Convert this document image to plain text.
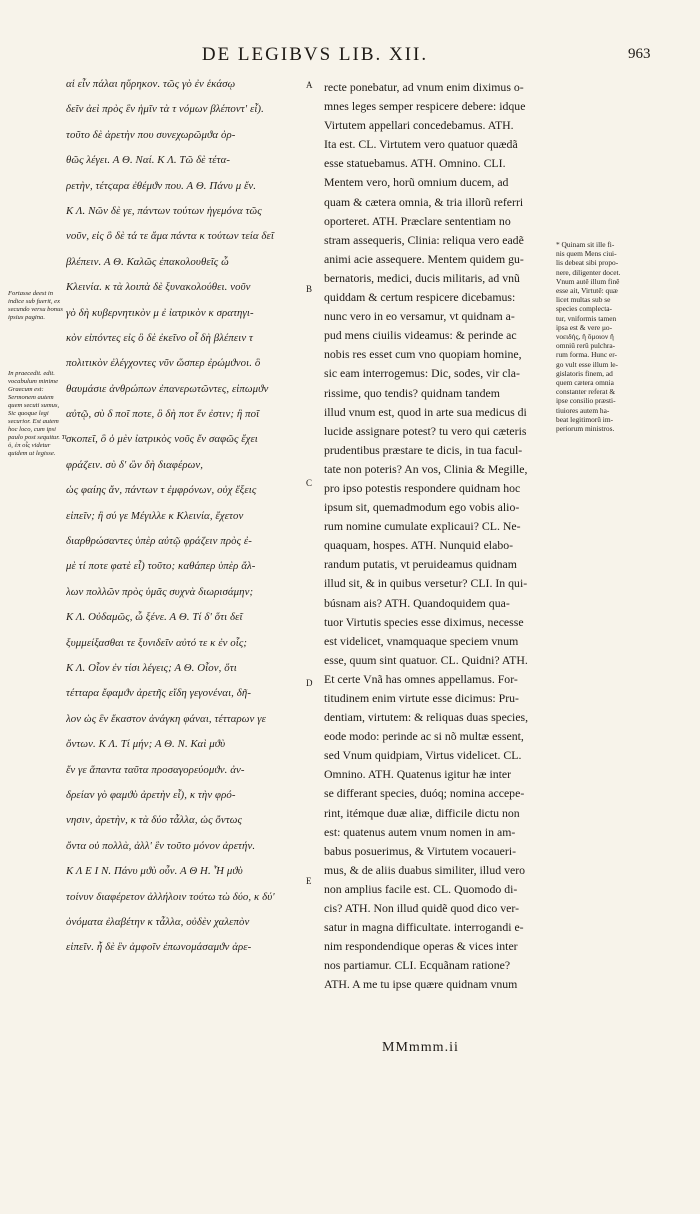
DE LEGIBVS LIB. XII.	963
Fortasse deest in indice sub fuerit, ex secundo versu bonus ipsius pagina.
In praecedit. edit. vocabulum minime Graecum est: Sermonem autem quem secuti sumus, Sic quoque legi securior. Est autem hoc loco, cum ipsi paulo post sequitur. Ti ὁ, ἐπ οἷς videtur quidem ut legisse.
αἱ εἶν πάλαι ηὕρηκον. τῶς γὸ ἐν ἑκάσῳ
δεῖν ἀεὶ πρὸς ἓν ἡμῖν τὰ τ νόμων βλέποντ' εἶ).
τοῦτο δὲ ἀρετὴν που συνεχωρῶμϑα ὀρ-
θῶς λέγει. Α Θ. Ναί. Κ Λ. Τῶ δὲ τέτα-
ρετὴν, τέτϛαρα ἐθέμϑν που. Α Θ. Πάνυ μ ἔν.
Κ Λ. Νῶν δὲ γε, πάντων τούτων ἡγεμόνα τῶς
νοῦν, εἰς ὃ δὲ τά τε ἄμα πάντα κ τούτων τεία δεῖ
βλέπειν. Α Θ. Καλῶς ἐπακολουθεῖς ὦ
Κλεινία. κ τὰ λοιπὰ δὲ ξυνακολούθει. νοῦν
γὸ δὴ κυβερνητικὸν μ ἐ ἰατρικὸν κ σρατηγι-
κὸν εἰπόντες εἰς ὃ δὲ ἐκεῖνο οἷ δὴ βλέπειν τ
πολιτικὸν ἐλέγχοντες νῦν ὥσπερ ἐρώμϑνοι. ὃ
θαυμάσιε ἀνθρώπων ἐπανερωτῶντες, εἰπωμϑν
αὐτῷ, σὺ δ ποῖ ποτε, ὃ δὴ ποτ ἕν ἐστιν; ἢ ποῖ
σκοπεῖ, ὃ ὁ μὲν ἰατρικὸς νοῦς ἔν σαφῶς ἔχει
φράζειν. σὺ δ' ὢν δὴ διαφέρων,
ὡς φαίης ἄν, πάντων τ ἐμφρόνων, οὐχ ἕξεις
εἰπεῖν; ἢ σύ γε Μέγιλλε κ Κλεινία, ἔχετον
διαρθρώσαντες ὑπὲρ αὐτῷ φράζειν πρὸς ἐ-
μὲ τί ποτε φατὲ εἶ) τοῦτο; καθάπερ ὑπὲρ ἄλ-
λων πολλῶν πρὸς ὑμᾶς συχνὰ διωρισάμην;
Κ Λ. Οὐδαμῶς, ὦ ξένε. Α Θ. Τί δ' ὅτι δεῖ
ξυμμείξασθαι τε ξυνιδεῖν αὐτό τε κ ἐν οἷς;
Κ Λ. Οἷον ἐν τίσι λέγεις; Α Θ. Οἷον, ὅτι
τέτταρα ἔφαμϑν ἀρετῆς εἴδη γεγονέναι, δῆ-
λον ὡς ἓν ἕκαστον ἀνάγκη φάναι, τέτταρων γε
ὄντων. Κ Λ. Τί μήν; Α Θ. Ν. Καὶ μϑὺ
ἕν γε ἅπαντα ταῦτα προσαγορεύομϑν. ἀν-
δρείαν γὸ φαμϑὺ ἀρετὴν εἶ), κ τὴν φρό-
νησιν, ἀρετὴν, κ τὰ δύο τἆλλα, ὡς ὄντως
ὄντα οὐ πολλὰ, ἀλλ' ἓν τοῦτο μόνον ἀρετήν.
Κ Λ Ε Ι Ν. Πάνυ μϑὺ οὖν. Α Θ Η. Ἧ μϑὺ
τοίνυν διαφέρετον ἀλλήλοιν τούτω τὼ δύο, κ δύ'
ὀνόματα ἐλαβέτην κ τἆλλα, οὐδὲν χαλεπὸν
εἰπεῖν. ἧ δὲ ἓν ἀμφοῖν ἐπωνομάσαμϑν ἀρε-
A
B
C
D
E
recte ponebatur, ad vnum enim diximus o-
mnes leges semper respicere debere: idque
Virtutem appellari concedebamus. ATH.
Ita est. CL. Virtutem vero quatuor quædã
esse statuebamus. ATH. Omnino. CLI.
Mentem vero, horũ omnium ducem, ad
quam & cætera omnia, & tria illorũ referri
oporteret. ATH. Præclare sententiam no
stram assequeris, Clinia: reliqua vero eadẽ
animi acie assequere. Mentem quidem gu-
bernatoris, medici, ducis militaris, ad vnũ
quiddam & certum respicere dicebamus:
nunc vero in eo versamur, vt quidnam a-
pud mens ciuilis videamus: & perinde ac
nobis res esset cum vno quopiam homine,
sic eam interrogemus: Dic, sodes, vir cla-
rissime, quo tendis? quidnam tandem
illud vnum est, quod in arte sua medicus di
lucide assignare potest? tu vero qui cæteris
prudentibus præstare te dicis, in tua facul-
tate non poteris? An vos, Clinia & Megille,
pro ipso potestis respondere quidnam hoc
ipsum sit, quemadmodum ego vobis alio-
rum nomine cumulate explicaui? CL. Ne-
quaquam, hospes. ATH. Nunquid elabo-
randum putatis, vt peruideamus quidnam
illud sit, & in quibus versetur? CLI. In qui-
búsnam ais? ATH. Quandoquidem qua-
tuor Virtutis species esse diximus, necesse
est videlicet, vnamquaque speciem vnum
esse, quum sint quatuor. CL. Quidni? ATH.
Et certe Vnã has omnes appellamus. For-
titudinem enim virtute esse dicimus: Pru-
dentiam, virtutem: & reliquas duas species,
eode modo: perinde ac si nõ multæ essent,
sed Vnum quidpiam, Virtus videlicet. CL.
Omnino. ATH. Quatenus igitur hæ inter
se differant species, duóq; nomina accepe-
rint, itémque duæ aliæ, difficile dictu non
est: quatenus autem vnum nomen in am-
babus posuerimus, & Virtutem vocaueri-
mus, & de aliis duabus similiter, illud vero
non amplius facile est. CL. Quomodo di-
cis? ATH. Non illud quidẽ quod dico ver-
satur in magna difficultate. interrogandi e-
nim respondendique operas & vices inter
nos partiamur. CLI. Ecquãnam ratione?
ATH. A me tu ipse quære quidnam vnum
* Quinam sit ille fi-
nis quem Mens ciui-
lis debeat sibi propo-
nere, diligenter docet.
Vnum autẽ illum finẽ
esse ait, Virtutẽ: quæ
licet multas sub se
species complecta-
tur, vniformis tamen
ipsa est & vere μο-
νοειδής, ἢ ὅμοιον ἢ
omniũ rerũ pulchra-
rum forma. Hunc er-
go vult esse illum le-
gislatoris finem, ad
quem cætera omnia
constanter referat &
ipse consilio præsti-
tiuiores autem ha-
beat legitimorũ im-
periorum ministros.
MMmmm.ii
